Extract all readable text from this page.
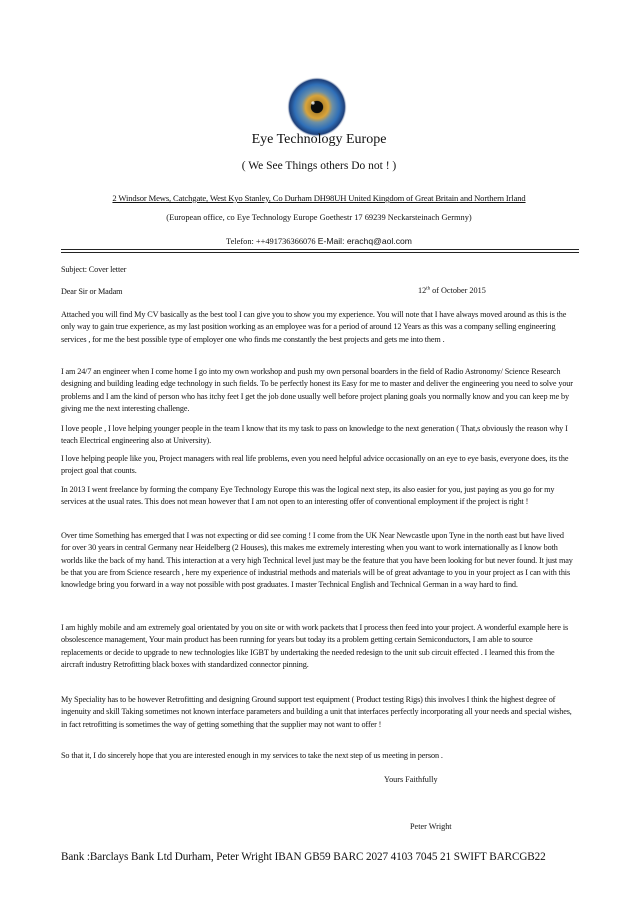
Eye Technology Europe
( We See Things others Do not ! )
2 Windsor Mews, Catchgate, West Kyo Stanley, Co Durham DH98UH United Kingdom of Great Britain and Northern Irland
(European office, co Eye Technology Europe Goethestr 17 69239 Neckarsteinach Germny)
Telefon: ++491736366076 E-Mail: erachq@aol.com
Subject: Cover letter
Dear Sir or Madam	12th of October 2015

Attached you will find My CV basically as the best tool I can give you to show you my experience. You will note that I have always moved around as this is the only way to gain true experience, as my last position working as an employee was for a period of around 12 Years as this was a company selling engineering services , for me the best possible type of employer one who finds me constantly the best projects and gets me into them .

I am 24/7 an engineer when I come home I go into my own workshop and push my own personal boarders in the field of Radio Astronomy/ Science Research designing and building leading edge technology in such fields. To be perfectly honest its Easy for me to master and deliver the engineering you need to solve your problems and I am the kind of person who has itchy feet I get the job done usually well before project planing goals you normally know and you can keep me by giving me the next interesting challenge.

I love people , I love helping younger people in the team I know that its my task to pass on knowledge to the next generation ( That,s obviously the reason why I teach Electrical engineering also at University).

I love helping people like you, Project managers with real life problems, even you need helpful advice occasionally on an eye to eye basis, everyone does, its the project goal that counts.

In 2013 I went freelance by forming the company Eye Technology Europe this was the logical next step, its also easier for you, just paying as you go for my services at the usual rates. This does not mean however that I am not open to an interesting offer of conventional employment if the project is right !

Over time Something has emerged that I was not expecting or did see coming ! I come from the UK Near Newcastle upon Tyne in the north east but have lived for over 30 years in central Germany near Heidelberg (2 Houses), this makes me extremely interesting when you want to work internationally as I know both worlds like the back of my hand. This interaction at a very high Technical level just may be the feature that you have been looking for but never found. It just may be that you are from Science research , here my experience of industrial methods and materials will be of great advantage to you in your project as I can with this knowledge bring you forward in a way not possible with post graduates. I master Technical English and Technical German in a way hard to find.

I am highly mobile and am extremely goal orientated by you on site or with work packets that I process then feed into your project. A wonderful example here is obsolescence management, Your main product has been running for years but today its a problem getting certain Semiconductors, I am able to source replacements or decide to upgrade to new technologies like IGBT by undertaking the needed redesign to the unit sub circuit effected . I learned this from the aircraft industry Retrofitting black boxes with standardized connector pinning.

My Speciality has to be however Retrofitting and designing Ground support test equipment ( Product testing Rigs) this involves I think the highest degree of ingenuity and skill Taking sometimes not known interface parameters and building a unit that interfaces perfectly incorporating all your needs and special wishes, in fact retrofitting is sometimes the way of getting something that the supplier may not want to offer !

So that it, I do sincerely hope that you are interested enough in my services to take the next step of us meeting in person .

Yours Faithfully
Peter Wright
Bank :Barclays Bank Ltd Durham, Peter Wright IBAN GB59 BARC 2027 4103 7045 21 SWIFT BARCGB22
